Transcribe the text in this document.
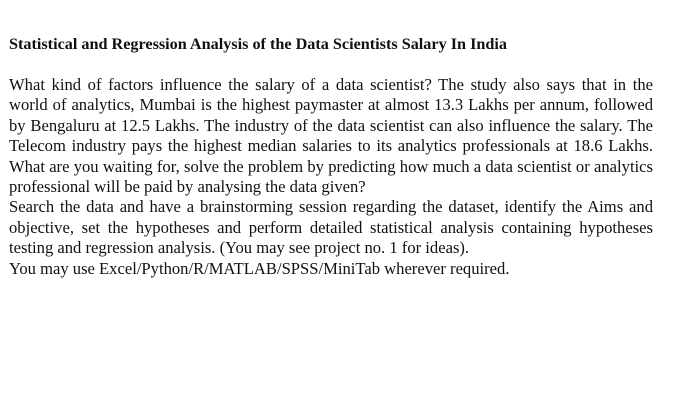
Statistical and Regression Analysis of the Data Scientists Salary In India

What kind of factors influence the salary of a data scientist? The study also says that in the world of analytics, Mumbai is the highest paymaster at almost 13.3 Lakhs per annum, followed by Bengaluru at 12.5 Lakhs. The industry of the data scientist can also influence the salary. The Telecom industry pays the highest median salaries to its analytics professionals at 18.6 Lakhs. What are you waiting for, solve the problem by predicting how much a data scientist or analytics professional will be paid by analysing the data given?

Search the data and have a brainstorming session regarding the dataset, identify the Aims and objective, set the hypotheses and perform detailed statistical analysis containing hypotheses testing and regression analysis. (You may see project no. 1 for ideas).

You may use Excel/Python/R/MATLAB/SPSS/MiniTab wherever required.
